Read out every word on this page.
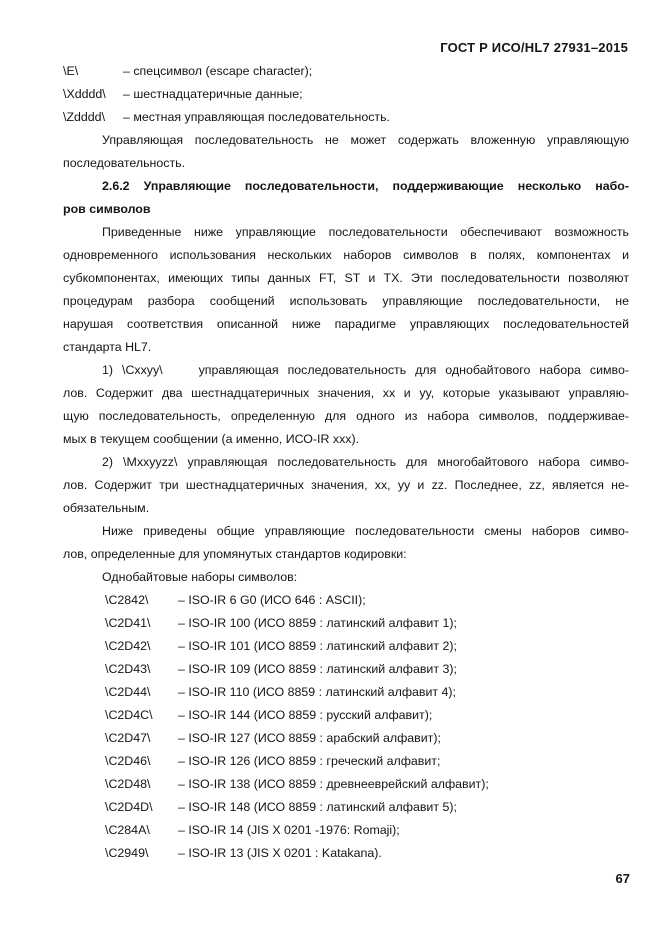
ГОСТ Р ИСО/HL7 27931–2015
\E\	– спецсимвол (escape character);
\Xdddd\ – шестнадцатеричные данные;
\Zdddd\ – местная управляющая последовательность.
Управляющая последовательность не может содержать вложенную управляющую
последовательность.
2.6.2 Управляющие последовательности, поддерживающие несколько набо-
ров символов
Приведенные ниже управляющие последовательности обеспечивают возможность
одновременного использования нескольких наборов символов в полях, компонентах и
субкомпонентах, имеющих типы данных FT, ST и TX. Эти последовательности позволяют
процедурам разбора сообщений использовать управляющие последовательности, не
нарушая соответствия описанной ниже парадигме управляющих последовательностей
стандарта HL7.
1) \Cxxyy\    управляющая последовательность для однобайтового набора симво-
лов. Содержит два шестнадцатеричных значения, xx и yy, которые указывают управляю-
щую последовательность, определенную для одного из набора символов, поддерживае-
мых в текущем сообщении (а именно, ИСО-IR xxx).
2) \Mxxyyzz\ управляющая последовательность для многобайтового набора симво-
лов. Содержит три шестнадцатеричных значения, xx, yy и zz. Последнее, zz, является не-
обязательным.
Ниже приведены общие управляющие последовательности смены наборов симво-
лов, определенные для упомянутых стандартов кодировки:
Однобайтовые наборы символов:
\C2842\ – ISO-IR 6 G0 (ИСО 646 : ASCII);
\C2D41\ – ISO-IR 100 (ИСО 8859 : латинский алфавит 1);
\C2D42\ – ISO-IR 101 (ИСО 8859 : латинский алфавит 2);
\C2D43\ – ISO-IR 109 (ИСО 8859 : латинский алфавит 3);
\C2D44\ – ISO-IR 110 (ИСО 8859 : латинский алфавит 4);
\C2D4C\ – ISO-IR 144 (ИСО 8859 : русский алфавит);
\C2D47\ – ISO-IR 127 (ИСО 8859 : арабский алфавит);
\C2D46\ – ISO-IR 126 (ИСО 8859 : греческий алфавит;
\C2D48\ – ISO-IR 138 (ИСО 8859 : древнееврейский алфавит);
\C2D4D\ – ISO-IR 148 (ИСО 8859 : латинский алфавит 5);
\C284A\ – ISO-IR 14 (JIS X 0201 -1976: Romaji);
\C2949\ – ISO-IR 13 (JIS X 0201 : Katakana).
67
